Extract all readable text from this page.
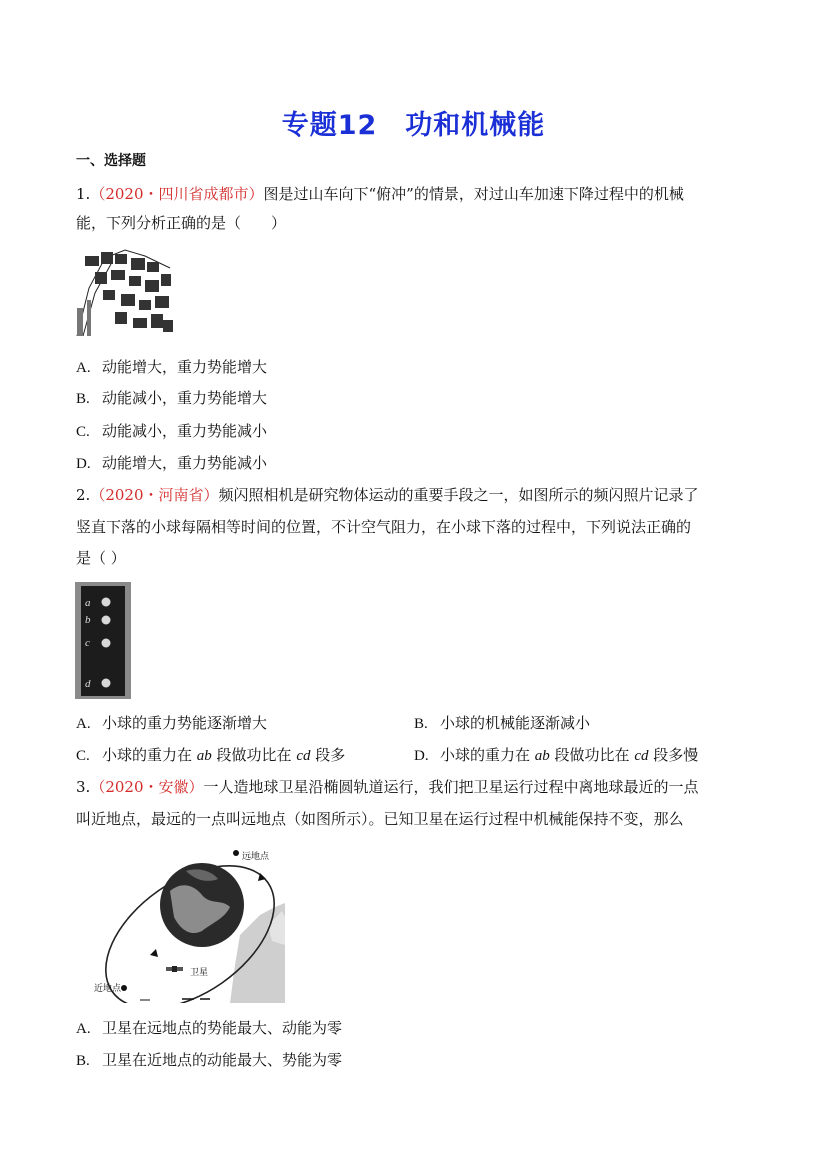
专题12　功和机械能
一、选择题
1.（2020・四川省成都市）图是过山车向下“俯冲”的情景，对过山车加速下降过程中的机械
能，下列分析正确的是（　　）
A. 动能增大，重力势能增大
B. 动能减小，重力势能增大
C. 动能减小，重力势能减小
D. 动能增大，重力势能减小
2.（2020・河南省）频闪照相机是研究物体运动的重要手段之一，如图所示的频闪照片记录了
竖直下落的小球每隔相等时间的位置，不计空气阻力，在小球下落的过程中，下列说法正确的
是（ ）
a
b
c
d
A. 小球的重力势能逐渐增大	B. 小球的机械能逐渐减小
C. 小球的重力在 ab 段做功比在 cd 段多	D. 小球的重力在 ab 段做功比在 cd 段多慢
3.（2020・安徽）一人造地球卫星沿椭圆轨道运行，我们把卫星运行过程中离地球最近的一点
叫近地点，最远的一点叫远地点（如图所示）。已知卫星在运行过程中机械能保持不变，那么
远地点
近地点
卫星
A. 卫星在远地点的势能最大、动能为零
B. 卫星在近地点的动能最大、势能为零
